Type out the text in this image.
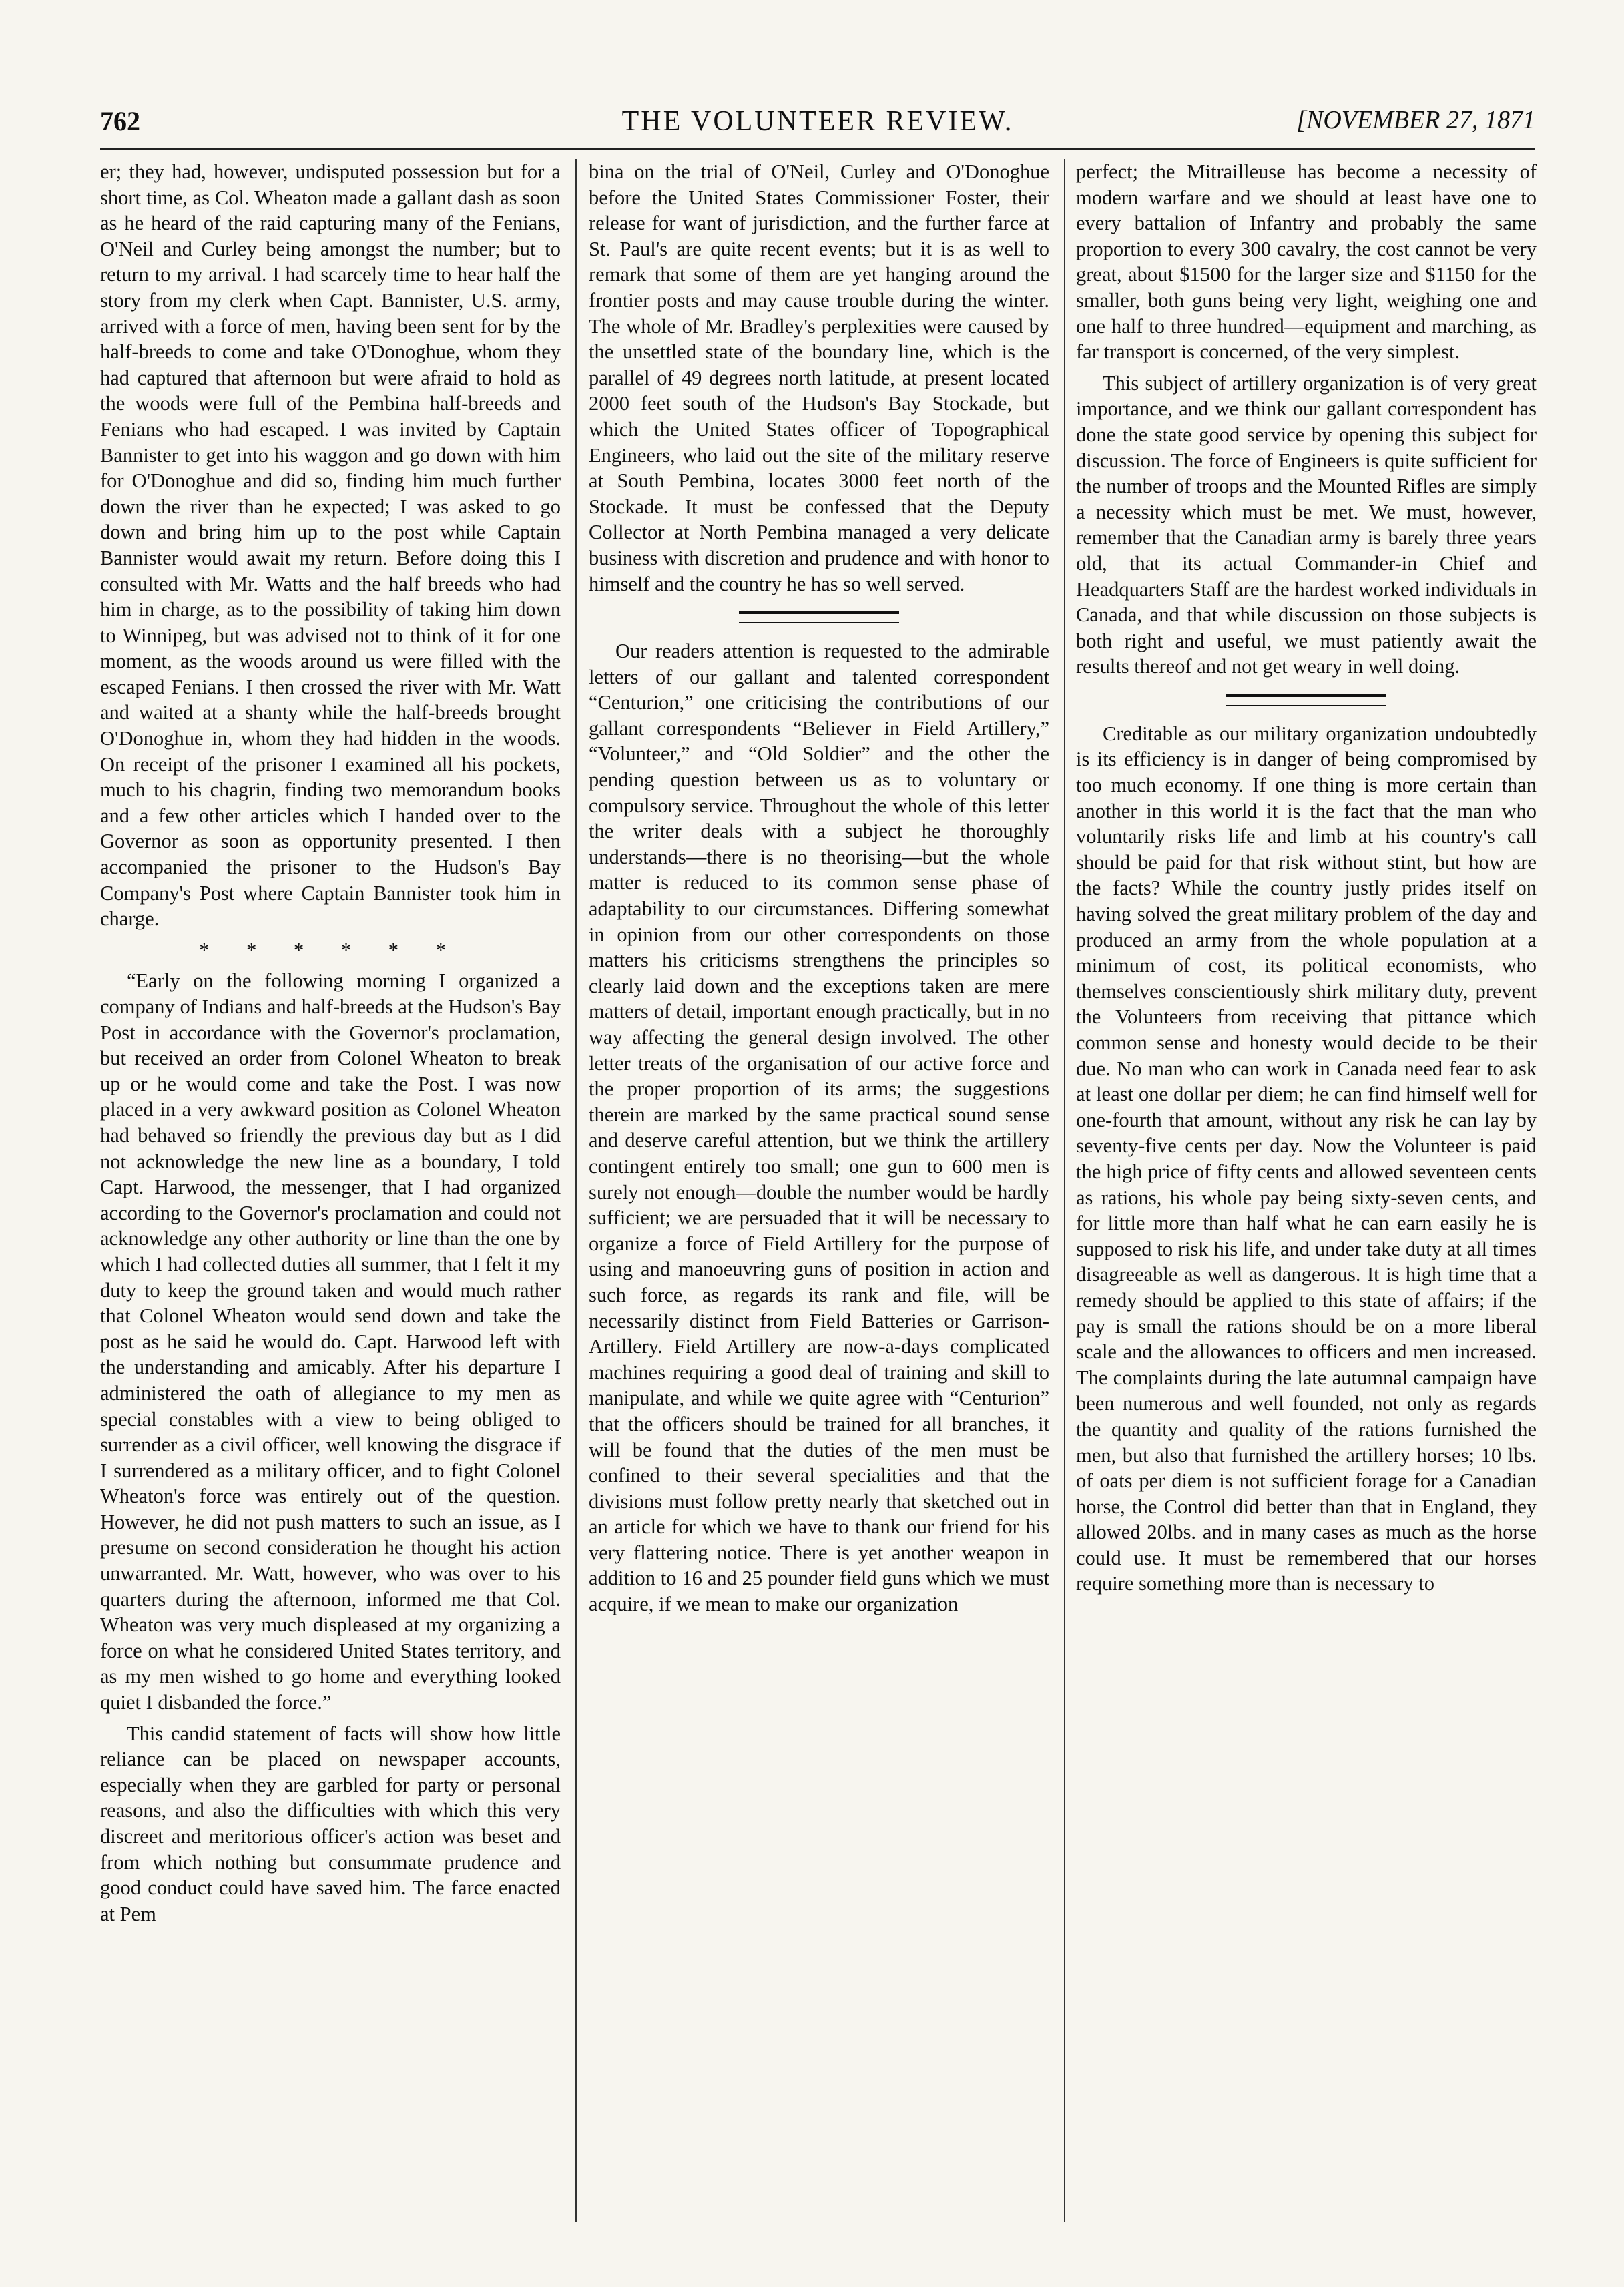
762	THE VOLUNTEER REVIEW.	[NOVEMBER 27, 1871

er; they had, however, undisputed possession but for a short time, as Col. Wheaton made a gallant dash as soon as he heard of the raid capturing many of the Fenians, O'Neil and Curley being amongst the number; but to return to my arrival. I had scarcely time to hear half the story from my clerk when Capt. Bannister, U.S. army, arrived with a force of men, having been sent for by the half-breeds to come and take O'Donoghue, whom they had captured that afternoon but were afraid to hold as the woods were full of the Pembina half-breeds and Fenians who had escaped. I was invited by Captain Bannister to get into his waggon and go down with him for O'Donoghue and did so, finding him much further down the river than he expected; I was asked to go down and bring him up to the post while Captain Bannister would await my return. Before doing this I consulted with Mr. Watts and the half breeds who had him in charge, as to the possibility of taking him down to Winnipeg, but was advised not to think of it for one moment, as the woods around us were filled with the escaped Fenians. I then crossed the river with Mr. Watt and waited at a shanty while the half-breeds brought O'Donoghue in, whom they had hidden in the woods. On receipt of the prisoner I examined all his pockets, much to his chagrin, finding two memorandum books and a few other articles which I handed over to the Governor as soon as opportunity presented. I then accompanied the prisoner to the Hudson's Bay Company's Post where Captain Bannister took him in charge.

* * * * * *

“Early on the following morning I organized a company of Indians and half-breeds at the Hudson's Bay Post in accordance with the Governor's proclamation, but received an order from Colonel Wheaton to break up or he would come and take the Post. I was now placed in a very awkward position as Colonel Wheaton had behaved so friendly the previous day but as I did not acknowledge the new line as a boundary, I told Capt. Harwood, the messenger, that I had organized according to the Governor's proclamation and could not acknowledge any other authority or line than the one by which I had collected duties all summer, that I felt it my duty to keep the ground taken and would much rather that Colonel Wheaton would send down and take the post as he said he would do. Capt. Harwood left with the understanding and amicably. After his departure I administered the oath of allegiance to my men as special constables with a view to being obliged to surrender as a civil officer, well knowing the disgrace if I surrendered as a military officer, and to fight Colonel Wheaton's force was entirely out of the question. However, he did not push matters to such an issue, as I presume on second consideration he thought his action unwarranted. Mr. Watt, however, who was over to his quarters during the afternoon, informed me that Col. Wheaton was very much displeased at my organizing a force on what he considered United States territory, and as my men wished to go home and everything looked quiet I disbanded the force.”

This candid statement of facts will show how little reliance can be placed on newspaper accounts, especially when they are garbled for party or personal reasons, and also the difficulties with which this very discreet and meritorious officer's action was beset and from which nothing but consummate prudence and good conduct could have saved him. The farce enacted at Pem

bina on the trial of O'Neil, Curley and O'Donoghue before the United States Commissioner Foster, their release for want of jurisdiction, and the further farce at St. Paul's are quite recent events; but it is as well to remark that some of them are yet hanging around the frontier posts and may cause trouble during the winter. The whole of Mr. Bradley's perplexities were caused by the unsettled state of the boundary line, which is the parallel of 49 degrees north latitude, at present located 2000 feet south of the Hudson's Bay Stockade, but which the United States officer of Topographical Engineers, who laid out the site of the military reserve at South Pembina, locates 3000 feet north of the Stockade. It must be confessed that the Deputy Collector at North Pembina managed a very delicate business with discretion and prudence and with honor to himself and the country he has so well served.

Our readers attention is requested to the admirable letters of our gallant and talented correspondent “Centurion,” one criticising the contributions of our gallant correspondents “Believer in Field Artillery,” “Volunteer,” and “Old Soldier” and the other the pending question between us as to voluntary or compulsory service. Throughout the whole of this letter the writer deals with a subject he thoroughly understands—there is no theorising—but the whole matter is reduced to its common sense phase of adaptability to our circumstances. Differing somewhat in opinion from our other correspondents on those matters his criticisms strengthens the principles so clearly laid down and the exceptions taken are mere matters of detail, important enough practically, but in no way affecting the general design involved. The other letter treats of the organisation of our active force and the proper proportion of its arms; the suggestions therein are marked by the same practical sound sense and deserve careful attention, but we think the artillery contingent entirely too small; one gun to 600 men is surely not enough—double the number would be hardly sufficient; we are persuaded that it will be necessary to organize a force of Field Artillery for the purpose of using and manoeuvring guns of position in action and such force, as regards its rank and file, will be necessarily distinct from Field Batteries or Garrison-Artillery. Field Artillery are now-a-days complicated machines requiring a good deal of training and skill to manipulate, and while we quite agree with “Centurion” that the officers should be trained for all branches, it will be found that the duties of the men must be confined to their several specialities and that the divisions must follow pretty nearly that sketched out in an article for which we have to thank our friend for his very flattering notice. There is yet another weapon in addition to 16 and 25 pounder field guns which we must acquire, if we mean to make our organization

perfect; the Mitrailleuse has become a necessity of modern warfare and we should at least have one to every battalion of Infantry and probably the same proportion to every 300 cavalry, the cost cannot be very great, about $1500 for the larger size and $1150 for the smaller, both guns being very light, weighing one and one half to three hundred—equipment and marching, as far transport is concerned, of the very simplest.

This subject of artillery organization is of very great importance, and we think our gallant correspondent has done the state good service by opening this subject for discussion. The force of Engineers is quite sufficient for the number of troops and the Mounted Rifles are simply a necessity which must be met. We must, however, remember that the Canadian army is barely three years old, that its actual Commander-in Chief and Headquarters Staff are the hardest worked individuals in Canada, and that while discussion on those subjects is both right and useful, we must patiently await the results thereof and not get weary in well doing.

Creditable as our military organization undoubtedly is its efficiency is in danger of being compromised by too much economy. If one thing is more certain than another in this world it is the fact that the man who voluntarily risks life and limb at his country's call should be paid for that risk without stint, but how are the facts? While the country justly prides itself on having solved the great military problem of the day and produced an army from the whole population at a minimum of cost, its political economists, who themselves conscientiously shirk military duty, prevent the Volunteers from receiving that pittance which common sense and honesty would decide to be their due. No man who can work in Canada need fear to ask at least one dollar per diem; he can find himself well for one-fourth that amount, without any risk he can lay by seventy-five cents per day. Now the Volunteer is paid the high price of fifty cents and allowed seventeen cents as rations, his whole pay being sixty-seven cents, and for little more than half what he can earn easily he is supposed to risk his life, and under take duty at all times disagreeable as well as dangerous. It is high time that a remedy should be applied to this state of affairs; if the pay is small the rations should be on a more liberal scale and the allowances to officers and men increased. The complaints during the late autumnal campaign have been numerous and well founded, not only as regards the quantity and quality of the rations furnished the men, but also that furnished the artillery horses; 10 lbs. of oats per diem is not sufficient forage for a Canadian horse, the Control did better than that in England, they allowed 20lbs. and in many cases as much as the horse could use. It must be remembered that our horses require something more than is necessary to
